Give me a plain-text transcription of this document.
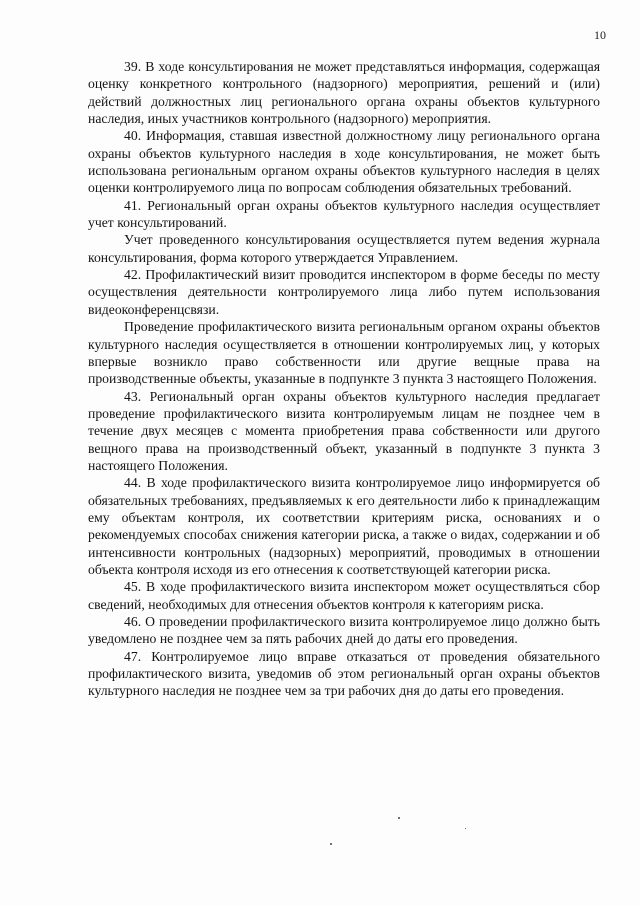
10

39. В ходе консультирования не может представляться информация, содержащая оценку конкретного контрольного (надзорного) мероприятия, решений и (или) действий должностных лиц регионального органа охраны объектов культурного наследия, иных участников контрольного (надзорного) мероприятия.

40. Информация, ставшая известной должностному лицу регионального органа охраны объектов культурного наследия в ходе консультирования, не может быть использована региональным органом охраны объектов культурного наследия в целях оценки контролируемого лица по вопросам соблюдения обязательных требований.

41. Региональный орган охраны объектов культурного наследия осуществляет учет консультирований.

Учет проведенного консультирования осуществляется путем ведения журнала консультирования, форма которого утверждается Управлением.

42. Профилактический визит проводится инспектором в форме беседы по месту осуществления деятельности контролируемого лица либо путем использования видеоконференцсвязи.

Проведение профилактического визита региональным органом охраны объектов культурного наследия осуществляется в отношении контролируемых лиц, у которых впервые возникло право собственности или другие вещные права на производственные объекты, указанные в подпункте 3 пункта 3 настоящего Положения.

43. Региональный орган охраны объектов культурного наследия предлагает проведение профилактического визита контролируемым лицам не позднее чем в течение двух месяцев с момента приобретения права собственности или другого вещного права на производственный объект, указанный в подпункте 3 пункта 3 настоящего Положения.

44. В ходе профилактического визита контролируемое лицо информируется об обязательных требованиях, предъявляемых к его деятельности либо к принадлежащим ему объектам контроля, их соответствии критериям риска, основаниях и о рекомендуемых способах снижения категории риска, а также о видах, содержании и об интенсивности контрольных (надзорных) мероприятий, проводимых в отношении объекта контроля исходя из его отнесения к соответствующей категории риска.

45. В ходе профилактического визита инспектором может осуществляться сбор сведений, необходимых для отнесения объектов контроля к категориям риска.

46. О проведении профилактического визита контролируемое лицо должно быть уведомлено не позднее чем за пять рабочих дней до даты его проведения.

47. Контролируемое лицо вправе отказаться от проведения обязательного профилактического визита, уведомив об этом региональный орган охраны объектов культурного наследия не позднее чем за три рабочих дня до даты его проведения.
